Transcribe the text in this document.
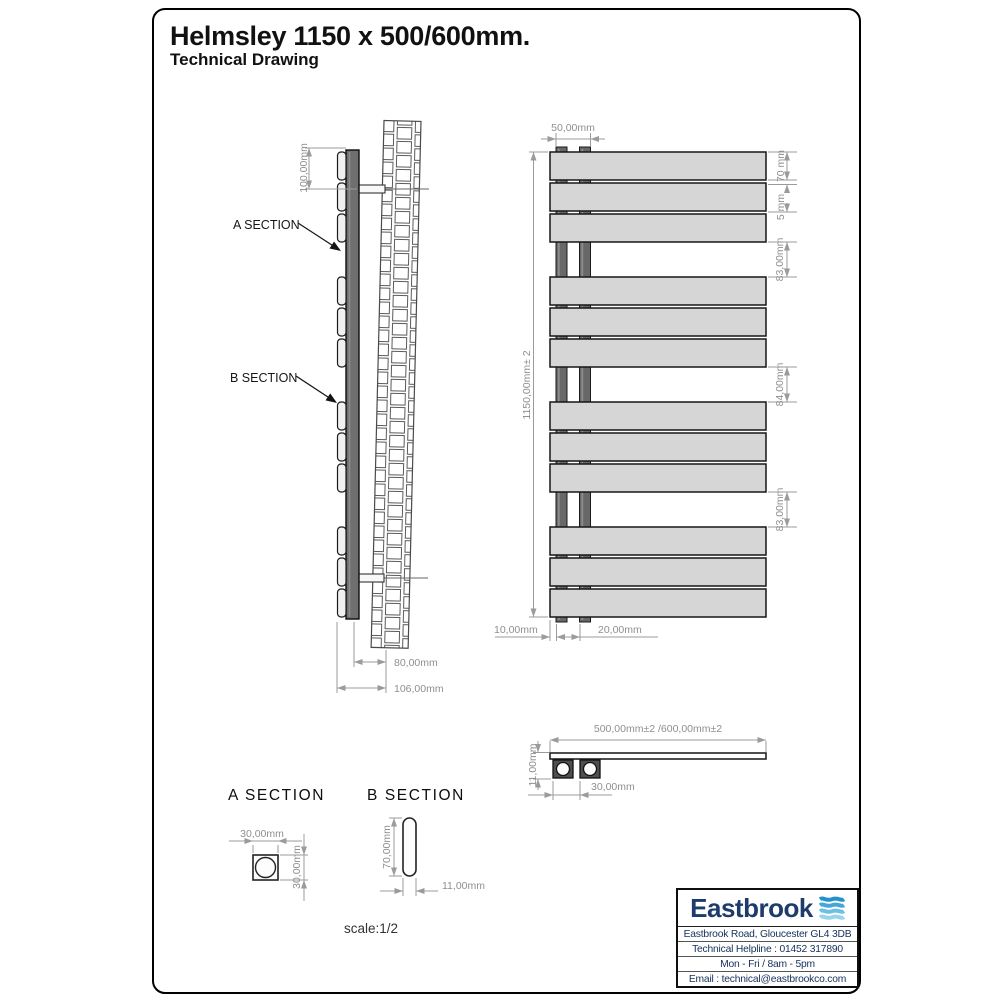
Helmsley 1150 x 500/600mm.
Technical Drawing
100,00mm
80,00mm
106,00mm
A SECTION
B SECTION	1150,00mm± 2
50,00mm
10,00mm	20,00mm
70 mm
5 mm
83,00mm
84,00mm
83,00mm
500,00mm±2 /600,00mm±2
11,00mm
30,00mm
A SECTION
30,00mm
30,00mm
B SECTION
70,00mm
11,00mm
scale:1/2
Eastbrook
Eastbrook Road, Gloucester GL4 3DB
Technical Helpline : 01452 317890
Mon - Fri / 8am - 5pm
Email : technical@eastbrookco.com
